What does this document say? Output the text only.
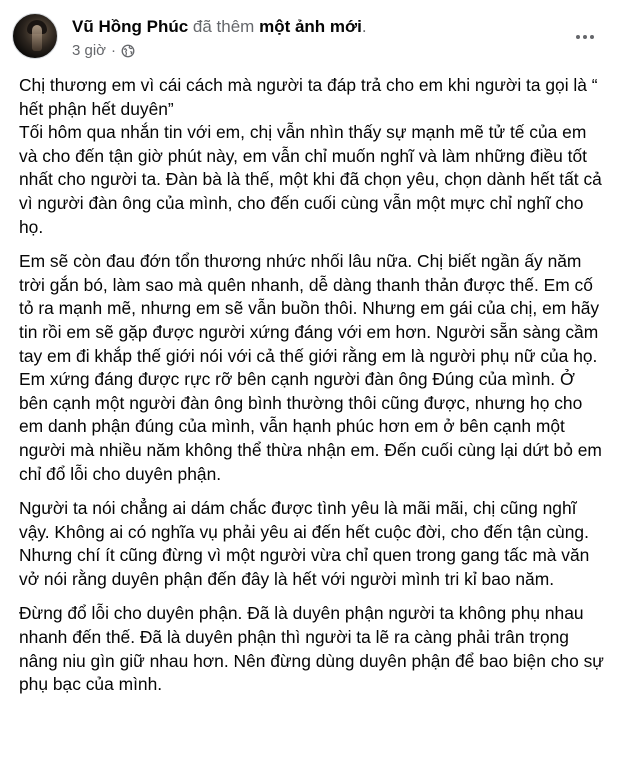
Vũ Hồng Phúc đã thêm một ảnh mới.
3 giờ ·

Chị thương em vì cái cách mà người ta đáp trả cho em khi người ta gọi là “ hết phận hết duyên”
Tối hôm qua nhắn tin với em, chị vẫn nhìn thấy sự mạnh mẽ tử tế của em và cho đến tận giờ phút này, em vẫn chỉ muốn nghĩ và làm những điều tốt nhất cho người ta. Đàn bà là thế, một khi đã chọn yêu, chọn dành hết tất cả vì người đàn ông của mình, cho đến cuối cùng vẫn một mực chỉ nghĩ cho họ.

Em sẽ còn đau đớn tổn thương nhức nhối lâu nữa. Chị biết ngần ấy năm trời gắn bó, làm sao mà quên nhanh, dễ dàng thanh thản được thế. Em cố tỏ ra mạnh mẽ, nhưng em sẽ vẫn buồn thôi. Nhưng em gái của chị, em hãy tin rồi em sẽ gặp được người xứng đáng với em hơn. Người sẵn sàng cầm tay em đi khắp thế giới nói với cả thế giới rằng em là người phụ nữ của họ. Em xứng đáng được rực rỡ bên cạnh người đàn ông Đúng của mình. Ở bên cạnh một người đàn ông bình thường thôi cũng được, nhưng họ cho em danh phận đúng của mình, vẫn hạnh phúc hơn em ở bên cạnh một người mà nhiều năm không thể thừa nhận em. Đến cuối cùng lại dứt bỏ em chỉ đổ lỗi cho duyên phận.

Người ta nói chẳng ai dám chắc được tình yêu là mãi mãi, chị cũng nghĩ vậy. Không ai có nghĩa vụ phải yêu ai đến hết cuộc đời, cho đến tận cùng. Nhưng chí ít cũng đừng vì một người vừa chỉ quen trong gang tấc mà văn vở nói rằng duyên phận đến đây là hết với người mình tri kỉ bao năm.

Đừng đổ lỗi cho duyên phận. Đã là duyên phận người ta không phụ nhau nhanh đến thế. Đã là duyên phận thì người ta lẽ ra càng phải trân trọng nâng niu gìn giữ nhau hơn. Nên đừng dùng duyên phận để bao biện cho sự phụ bạc của mình.
